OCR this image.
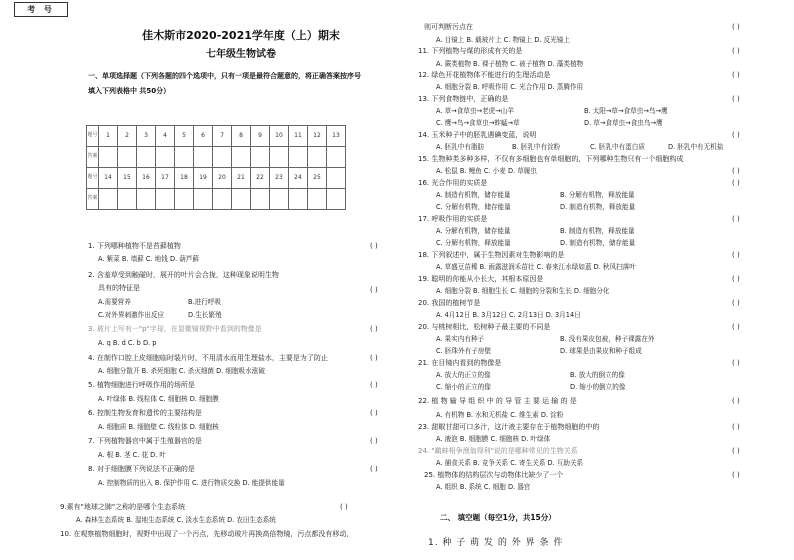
考 号
佳木斯市2020-2021学年度（上）期末
七年级生物试卷
一、单项选择题（下列各题的四个选项中，只有一项是最符合题意的，将正确答案按序号
填入下列表格中 共50分）
题号	1	2	3	4	5	6	7	8	9	10	11	12	13
答案													
题号	14	15	16	17	18	19	20	21	22	23	24	25	
答案													
1. 下列哪种植物不是苔藓植物	( )
A. 紫菜 B. 墙藓 C. 地钱 D. 葫芦藓
2. 含羞草受到触碰时，展开的叶片会合拢，这种现象说明生物
( )
具有的特征是
A.需要营养	B.进行呼吸
C.对外界刺激作出反应	D.生长繁殖
3. 玻片上写有一"p"字母，在显微镜视野中看到的物像是	( )
A. q B. d C. b D. p
4. 在制作口腔上皮细胞临时装片时，不用清水而用生理盐水，主要是为了防止	( )
A. 细胞分散开 B. 杀死细胞 C. 杀灭细菌 D. 细胞吸水涨破
5. 植物细胞进行呼吸作用的场所是	( )
A. 叶绿体 B. 线粒体 C. 细胞核 D. 细胞膜
6. 控制生物发育和遗传的主要结构是	( )
A. 细胞质 B. 细胞壁 C. 线粒体 D. 细胞核
7. 下列植物器官中属于生殖器官的是	( )
A. 根 B. 茎 C. 花 D. 叶
8. 对于细胞膜下列说法不正确的是	( )
A. 控制物质的出入 B. 保护作用 C. 进行物质交换 D. 能提供能量
9.素有"地球之肺"之称的是哪个生态系统	( )
A. 森林生态系统 B. 湿地生态系统 C. 淡水生态系统 D. 农田生态系统
10. 在观察植物细胞时，视野中出现了一个污点，先移动玻片再换高倍物镜，污点都没有移动，
则可判断污点在	( )
A. 目镜上 B. 载玻片上 C. 物镜上 D. 反光镜上
11. 下列植物与煤的形成有关的是	( )
A. 蕨类植物 B. 裸子植物 C. 被子植物 D. 藻类植物
12. 绿色开花植物体不能进行的生理活动是	( )
A. 细胞分裂 B. 呼吸作用 C. 光合作用 D. 蒸腾作用
13. 下列食物链中，正确的是	( )
A. 草→食草虫→老虎→山羊	B. 太阳→草→食草虫→鸟→鹰
C. 鹰→鸟→食草虫→蚱蜢→草	D. 草→食草虫→食虫鸟→鹰
14. 玉米种子中的胚乳遇碘变蓝，说明	( )
A. 胚乳中有脂肪	B. 胚乳中有淀粉	C. 胚乳中有蛋白质	D. 胚乳中有无机盐
15. 生物种类多种多样，不仅有多细胞也有单细胞的，下列哪种生物只有一个细胞构成
( )
A. 松鼠 B. 鲤鱼 C. 小麦 D. 草履虫
16. 光合作用的实质是	( )
A. 制造有机物，储存能量	B. 分解有机物，释放能量
C. 分解有机物，储存能量	D. 制造有机物，释放能量
17. 呼吸作用的实质是	( )
A. 分解有机物，储存能量	B. 制造有机物，释放能量
C. 分解有机物，释放能量	D. 制造有机物，储存能量
18. 下列叙述中，属于生物因素对生物影响的是	( )
A. 草盛豆苗稀 B. 雨露滋润禾苗壮 C. 春来江水绿如蓝 D. 秋风扫落叶
19. 聪明的你能从小长大，其根本原因是	( )
A. 细胞分裂 B. 细胞生长 C. 细胞的分裂和生长 D. 细胞分化
20. 我国的植树节是	( )
A. 4月12日 B. 3月12日 C. 2月13日 D. 3月14日
20. 与桃树相比，松树种子最主要的不同是	( )
A. 果实内有种子	B. 没有果皮包被，种子裸露在外
C. 胚珠外有子房壁	D. 球果是由果皮和种子组成
21. 在目镜内看到的物像是	( )
A. 放大的正立的像	B. 放大的倒立的像
C. 缩小的正立的像	D. 缩小的倒立的像
22. 植 物 输 导 组 织 中 的 导 管 主 要 运 输 的 是	( )
A. 有机物 B. 水和无机盐 C. 维生素 D. 淀粉
23. 甜椒甘甜可口多汁，这汁液主要存在于植物细胞的中的	( )
A. 液泡 B. 细胞膜 C. 细胞核 D. 叶绿体
24. "鹬蚌相争渔翁得利"说的是哪种常见的生物关系	( )
A. 捕食关系 B. 竞争关系 C. 寄生关系 D. 互助关系
25. 植物体的结构层次与动物体比缺少了一个	( )
A. 组织 B. 系统 C. 细胞 D. 器官
二、 填空题（每空1分，共15分）
1. 种 子 萌 发 的 外 界 条 件
